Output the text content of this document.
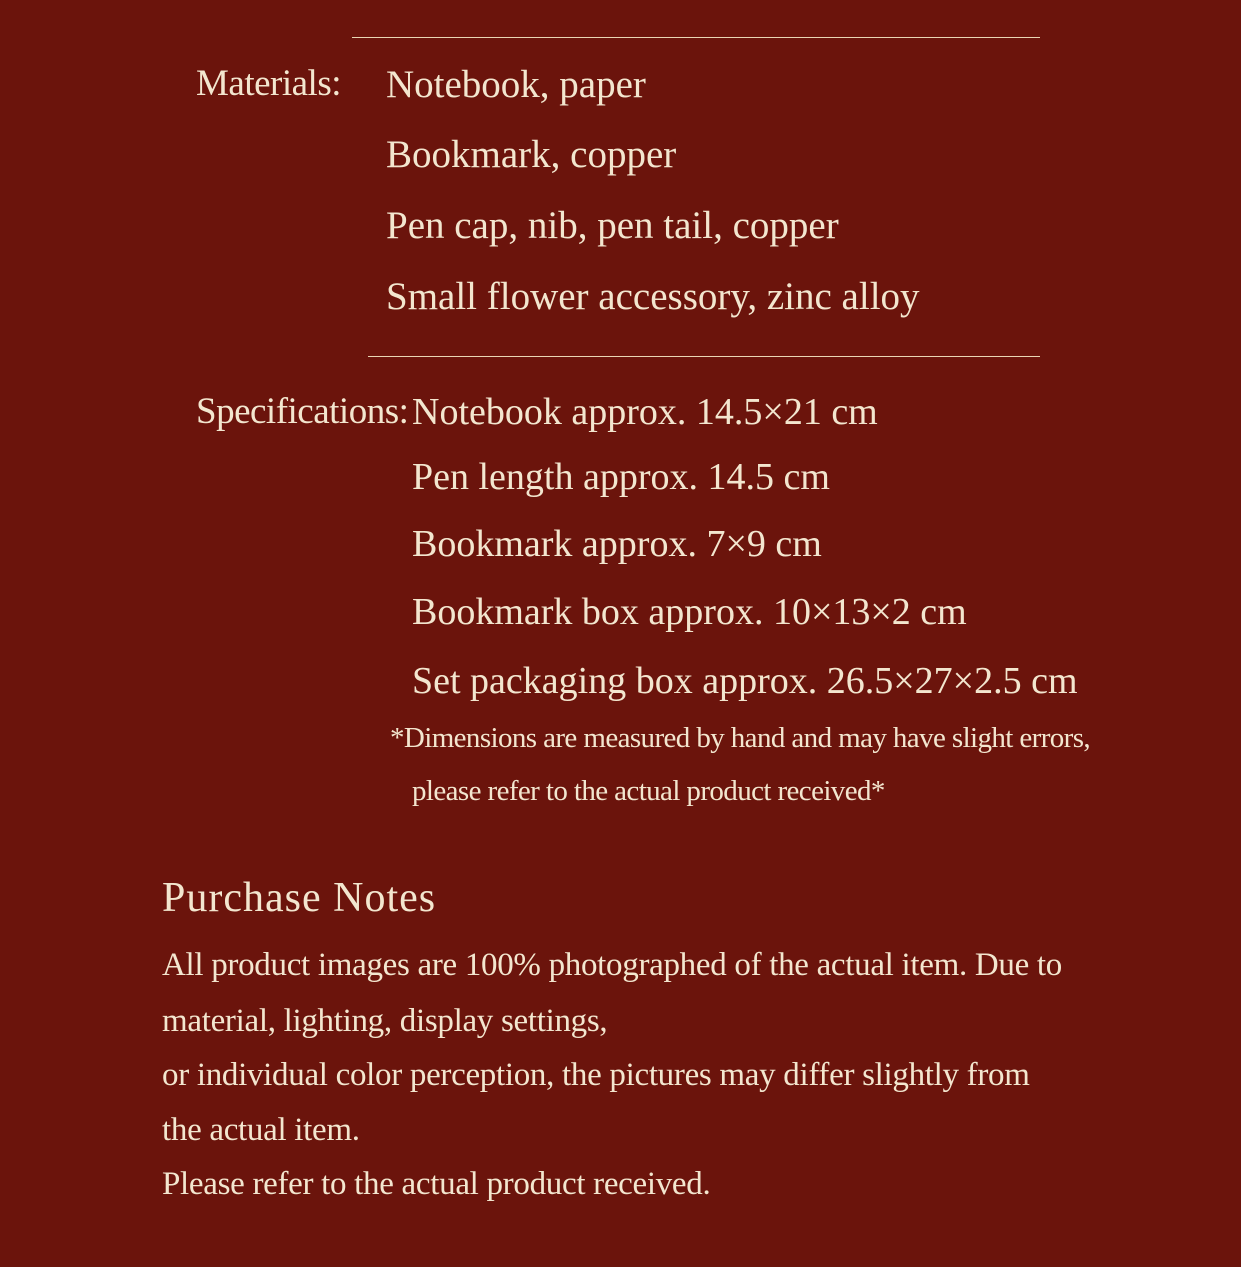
Materials: Notebook, paper
Bookmark, copper
Pen cap, nib, pen tail, copper
Small flower accessory, zinc alloy
Specifications: Notebook approx. 14.5×21 cm
Pen length approx. 14.5 cm
Bookmark approx. 7×9 cm
Bookmark box approx. 10×13×2 cm
Set packaging box approx. 26.5×27×2.5 cm
*Dimensions are measured by hand and may have slight errors,
please refer to the actual product received*
Purchase Notes
All product images are 100% photographed of the actual item. Due to
material, lighting, display settings,
or individual color perception, the pictures may differ slightly from
the actual item.
Please refer to the actual product received.
